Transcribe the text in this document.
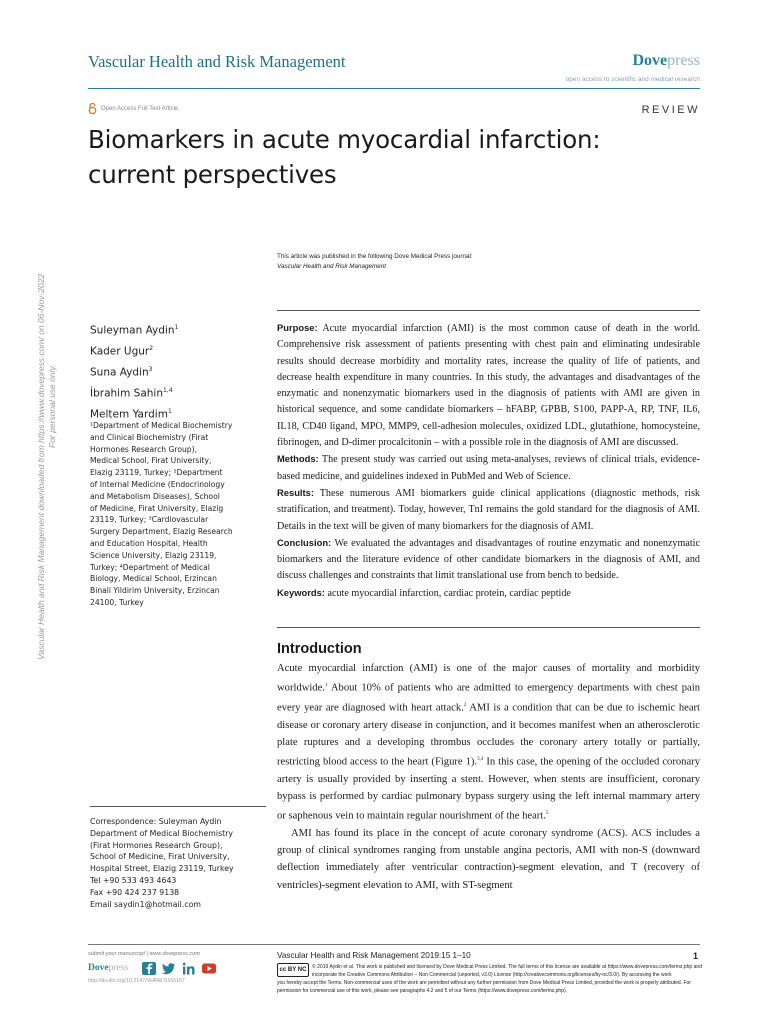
Vascular Health and Risk Management	Dovepress
open access to scientific and medical research
Open Access Full Text Article	REVIEW
Biomarkers in acute myocardial infarction:
current perspectives
Vascular Health and Risk Management downloaded from https://www.dovepress.com/ on 06-Nov-2022 For personal use only.
This article was published in the following Dove Medical Press journal:
Vascular Health and Risk Management
Suleyman Aydin$^1$
Kader Ugur$^2$
Suna Aydin$^3$
İbrahim Sahin$^{1,4}$
Meltem Yardim$^1$
¹Department of Medical Biochemistry
and Clinical Biochemistry (Firat
Hormones Research Group),
Medical School, Firat University,
Elazig 23119, Turkey; ²Department
of Internal Medicine (Endocrinology
and Metabolism Diseases), School
of Medicine, Firat University, Elazig
23119, Turkey; ³Cardiovascular
Surgery Department, Elazig Research
and Education Hospital, Health
Science University, Elazig 23119,
Turkey; ⁴Department of Medical
Biology, Medical School, Erzincan
Binali Yildirim University, Erzincan
24100, Turkey

Purpose: Acute myocardial infarction (AMI) is the most common cause of death in the world. Comprehensive risk assessment of patients presenting with chest pain and eliminating undesirable results should decrease morbidity and mortality rates, increase the quality of life of patients, and decrease health expenditure in many countries. In this study, the advantages and disadvantages of the enzymatic and nonenzymatic biomarkers used in the diagnosis of patients with AMI are given in historical sequence, and some candidate biomarkers – hFABP, GPBB, S100, PAPP-A, RP, TNF, IL6, IL18, CD40 ligand, MPO, MMP9, cell-adhesion molecules, oxidized LDL, glutathione, homocysteine, fibrinogen, and D-dimer procalcitonin – with a possible role in the diagnosis of AMI are discussed.

Methods: The present study was carried out using meta-analyses, reviews of clinical trials, evidence-based medicine, and guidelines indexed in PubMed and Web of Science.

Results: These numerous AMI biomarkers guide clinical applications (diagnostic methods, risk stratification, and treatment). Today, however, TnI remains the gold standard for the diagnosis of AMI. Details in the text will be given of many biomarkers for the diagnosis of AMI.

Conclusion: We evaluated the advantages and disadvantages of routine enzymatic and nonenzymatic biomarkers and the literature evidence of other candidate biomarkers in the diagnosis of AMI, and discuss challenges and constraints that limit translational use from bench to bedside.

Keywords: acute myocardial infarction, cardiac protein, cardiac peptide

Introduction

Acute myocardial infarction (AMI) is one of the major causes of mortality and morbidity worldwide.$^1$ About 10% of patients who are admitted to emergency departments with chest pain every year are diagnosed with heart attack.$^2$ AMI is a condition that can be due to ischemic heart disease or coronary artery disease in conjunction, and it becomes manifest when an atherosclerotic plate ruptures and a developing thrombus occludes the coronary artery totally or partially, restricting blood access to the heart (Figure 1).$^{3,4}$ In this case, the opening of the occluded coronary artery is usually provided by inserting a stent. However, when stents are insufficient, coronary bypass is performed by cardiac pulmonary bypass surgery using the left internal mammary artery or saphenous vein to maintain regular nourishment of the heart.$^5$

AMI has found its place in the concept of acute coronary syndrome (ACS). ACS includes a group of clinical syndromes ranging from unstable angina pectoris, AMI with non-S (downward deflection immediately after ventricular contraction)-segment elevation, and T (recovery of ventricles)-segment elevation to AMI, with ST-segment

Correspondence: Suleyman Aydin
Department of Medical Biochemistry
(Firat Hormones Research Group),
School of Medicine, Firat University,
Hospital Street, Elazig 23119, Turkey
Tel +90 533 493 4643
Fax +90 424 237 9138
Email saydin1@hotmail.com
submit your manuscript | www.dovepress.com
Dovepress
http://dx.doi.org/10.2147/VHRM.S166157
Vascular Health and Risk Management 2019:15 1–10	1
cc BY NC	© 2019 Aydin et al. This work is published and licensed by Dove Medical Press Limited. The full terms of this license are available at https://www.dovepress.com/terms.php and incorporate the Creative Commons Attribution – Non Commercial (unported, v3.0) License (http://creativecommons.org/licenses/by-nc/3.0/). By accessing the work
you hereby accept the Terms. Non-commercial uses of the work are permitted without any further permission from Dove Medical Press Limited, provided the work is properly attributed. For permission for commercial use of this work, please see paragraphs 4.2 and 5 of our Terms (https://www.dovepress.com/terms.php).
